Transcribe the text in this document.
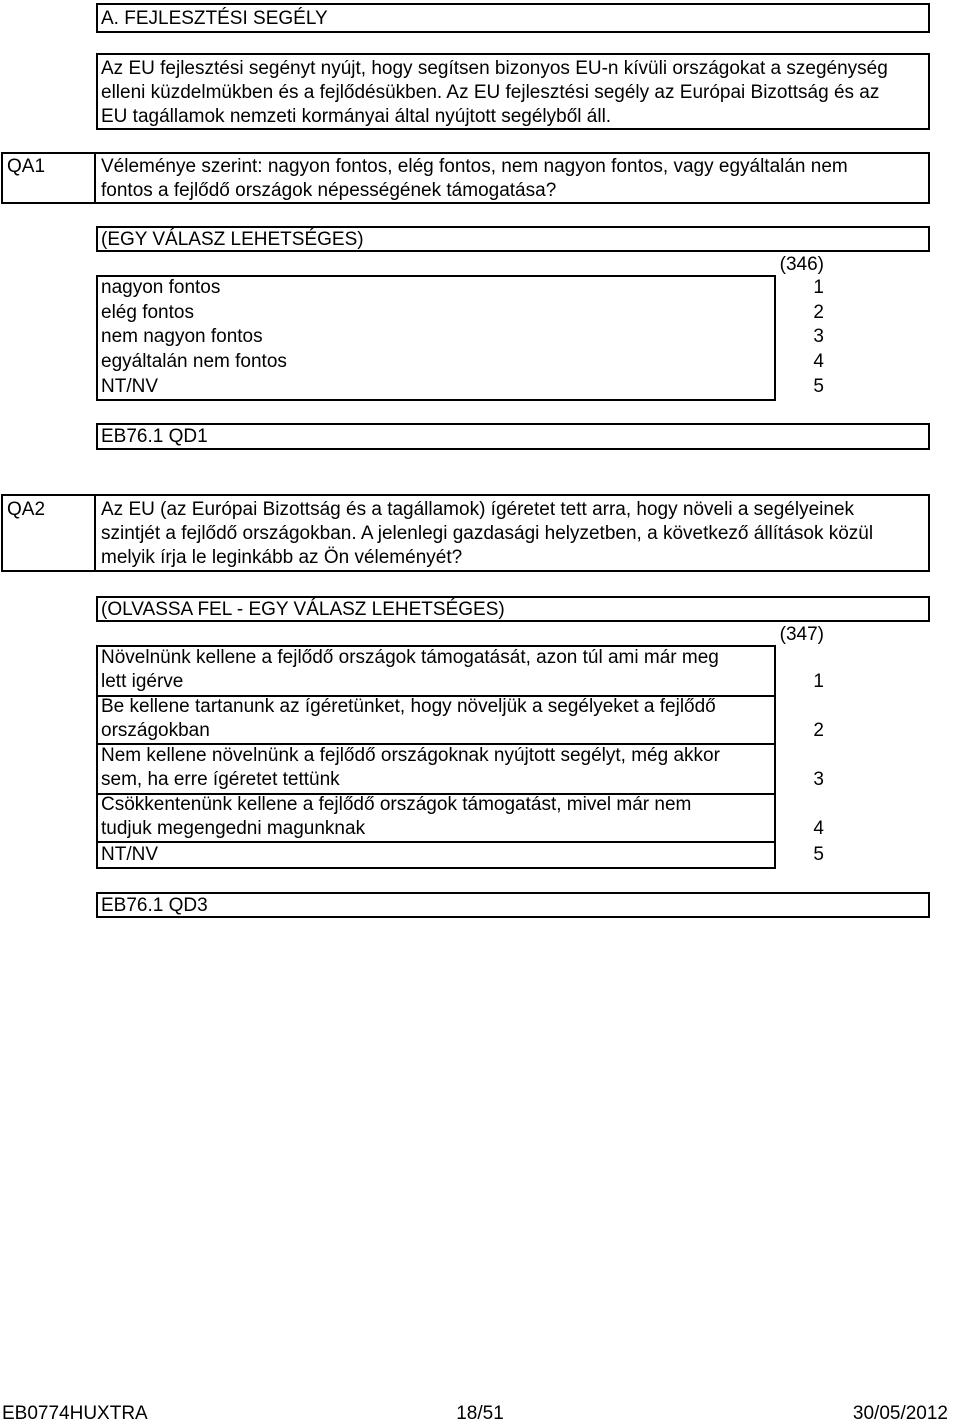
A. FEJLESZTÉSI SEGÉLY
Az EU fejlesztési segényt nyújt, hogy segítsen bizonyos EU-n kívüli országokat a szegénység
elleni küzdelmükben és a fejlődésükben. Az EU fejlesztési segély az Európai Bizottság és az
EU tagállamok nemzeti kormányai által nyújtott segélyből áll.
QA1	Véleménye szerint: nagyon fontos, elég fontos, nem nagyon fontos, vagy egyáltalán nem
fontos a fejlődő országok népességének támogatása?
(EGY VÁLASZ LEHETSÉGES)
(346)
nagyon fontos	1
elég fontos	2
nem nagyon fontos	3
egyáltalán nem fontos	4
NT/NV	5
EB76.1 QD1
QA2	Az EU (az Európai Bizottság és a tagállamok) ígéretet tett arra, hogy növeli a segélyeinek
szintjét a fejlődő országokban. A jelenlegi gazdasági helyzetben, a következő állítások közül
melyik írja le leginkább az Ön véleményét?
(OLVASSA FEL - EGY VÁLASZ LEHETSÉGES)
(347)
Növelnünk kellene a fejlődő országok támogatását, azon túl ami már meg
lett igérve	1
Be kellene tartanunk az ígéretünket, hogy növeljük a segélyeket a fejlődő
országokban	2
Nem kellene növelnünk a fejlődő országoknak nyújtott segélyt, még akkor
sem, ha erre ígéretet tettünk	3
Csökkentenünk kellene a fejlődő országok támogatást, mivel már nem
tudjuk megengedni magunknak	4
NT/NV	5
EB76.1 QD3
EB0774HUXTRA	18/51	30/05/2012
